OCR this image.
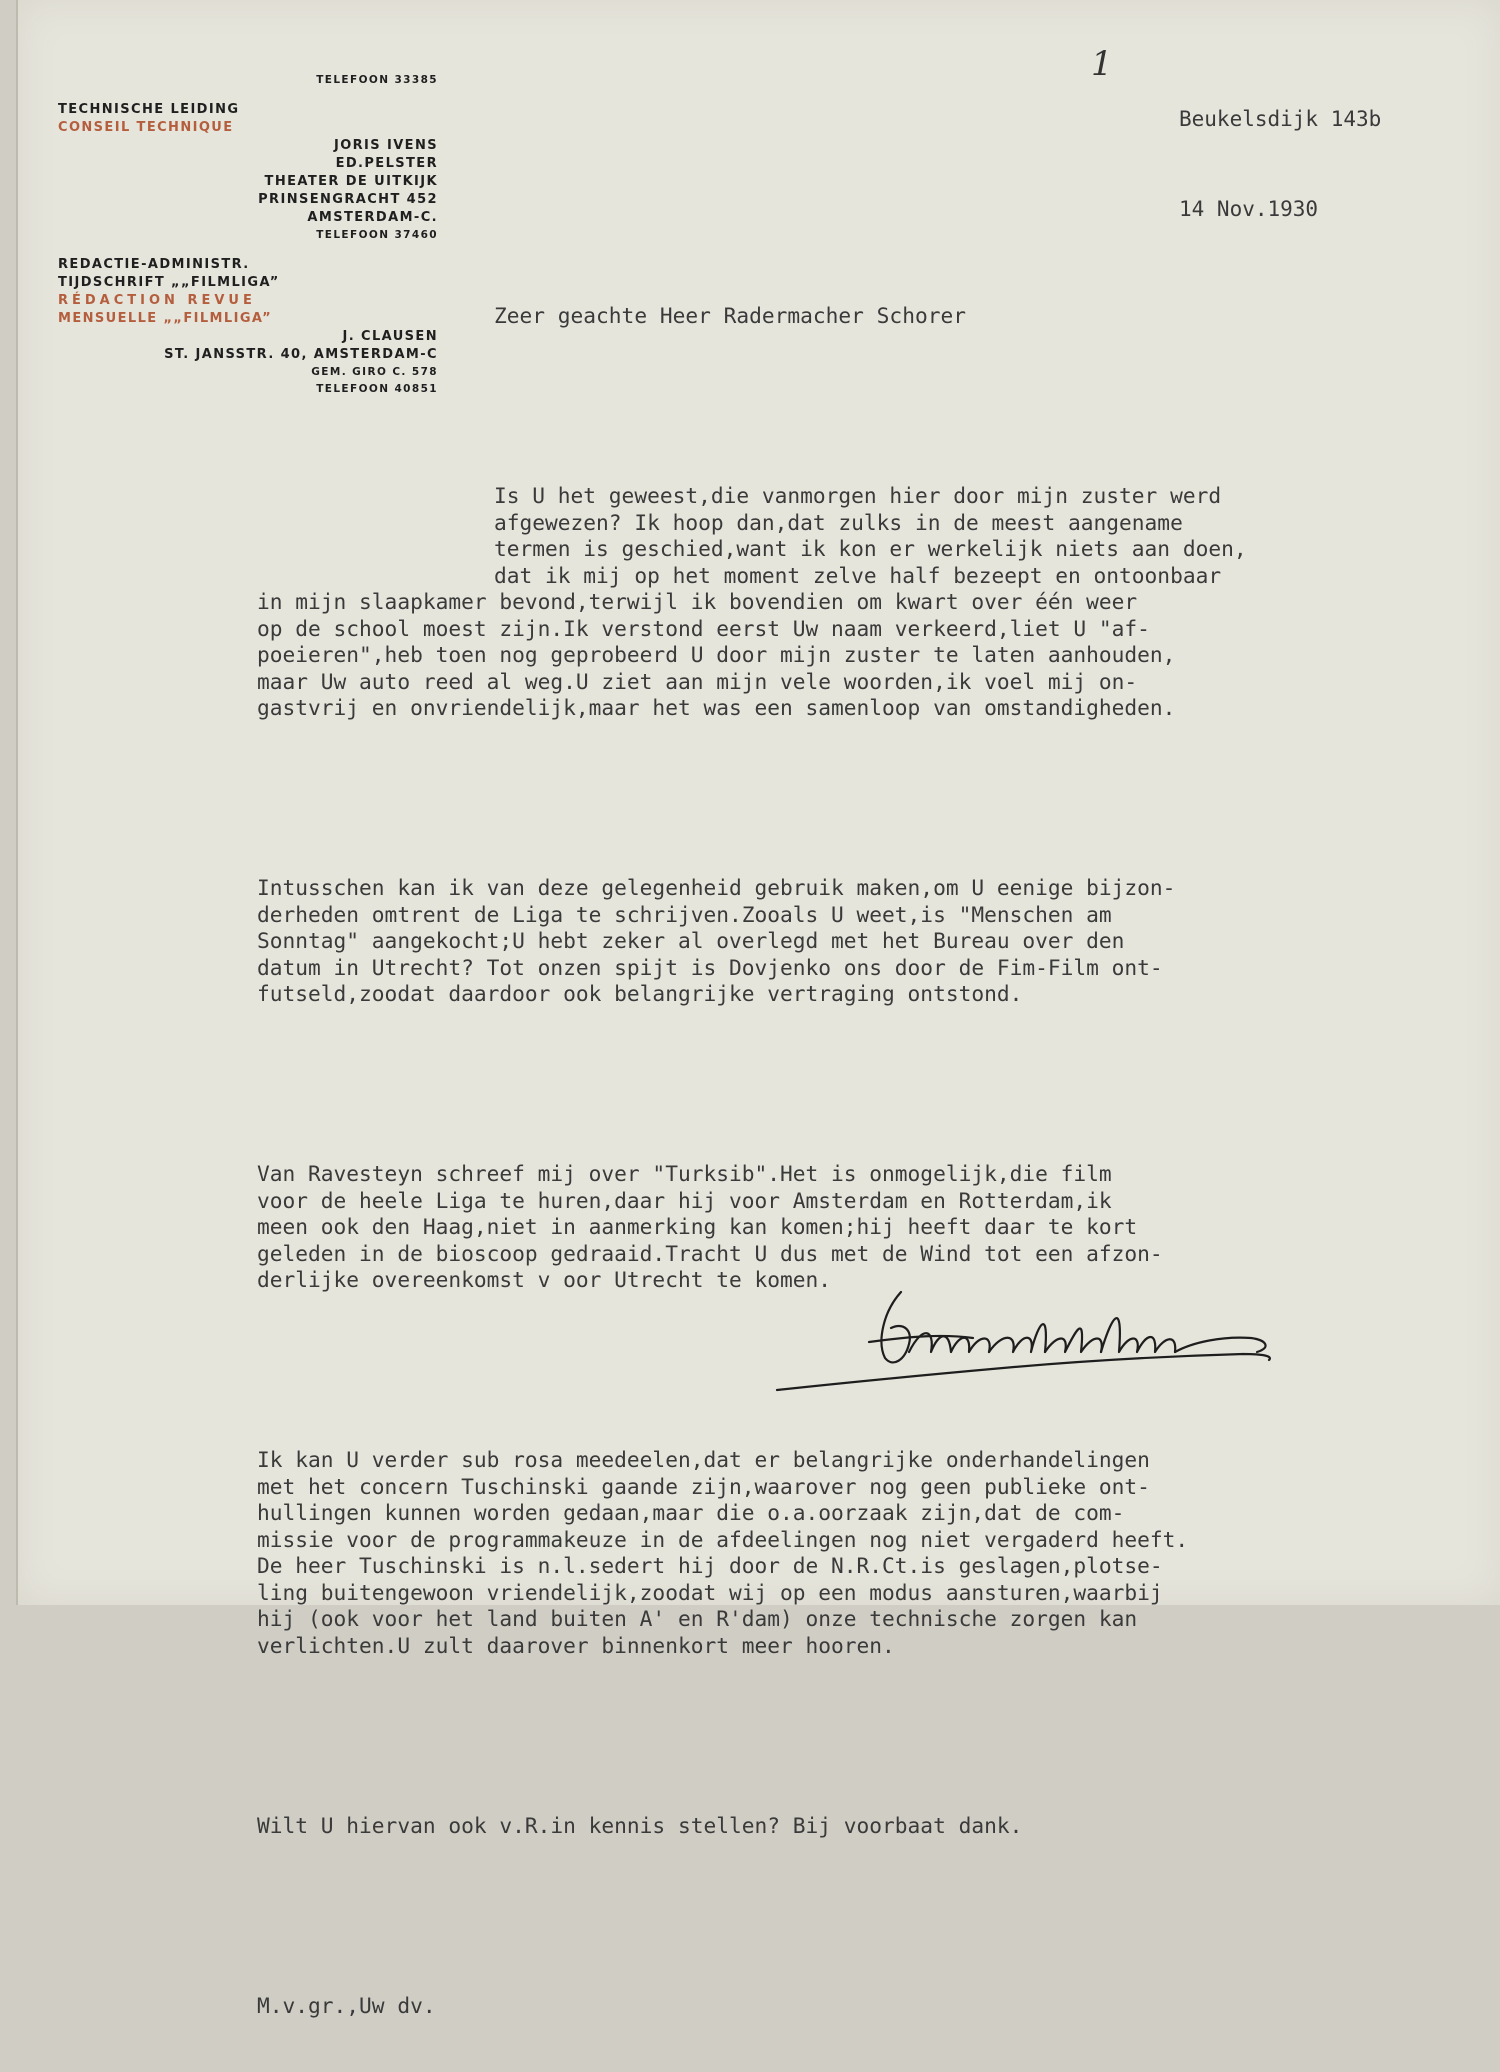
TELEFOON 33385
TECHNISCHE LEIDING
CONSEIL TECHNIQUE
JORIS IVENS
ED.PELSTER
THEATER DE UITKIJK
PRINSENGRACHT 452
AMSTERDAM-C.
TELEFOON 37460
REDACTIE-ADMINISTR.
TIJDSCHRIFT „„FILMLIGA”
RÉDACTION REVUE
MENSUELLE „„FILMLIGA”
J. CLAUSEN
ST. JANSSTR. 40, AMSTERDAM-C
GEM. GIRO C. 578
TELEFOON 40851
1

Beukelsdijk 143b

14 Nov.1930

Zeer geachte Heer Radermacher Schorer

Is U het geweest,die vanmorgen hier door mijn zuster werd
afgewezen? Ik hoop dan,dat zulks in de meest aangename
termen is geschied,want ik kon er werkelijk niets aan doen,
dat ik mij op het moment zelve half bezeept en ontoonbaar
in mijn slaapkamer bevond,terwijl ik bovendien om kwart over één weer
op de school moest zijn.Ik verstond eerst Uw naam verkeerd,liet U "af-
poeieren",heb toen nog geprobeerd U door mijn zuster te laten aanhouden,
maar Uw auto reed al weg.U ziet aan mijn vele woorden,ik voel mij on-
gastvrij en onvriendelijk,maar het was een samenloop van omstandigheden.

Intusschen kan ik van deze gelegenheid gebruik maken,om U eenige bijzon-
derheden omtrent de Liga te schrijven.Zooals U weet,is "Menschen am
Sonntag" aangekocht;U hebt zeker al overlegd met het Bureau over den
datum in Utrecht? Tot onzen spijt is Dovjenko ons door de Fim-Film ont-
futseld,zoodat daardoor ook belangrijke vertraging ontstond.

Van Ravesteyn schreef mij over "Turksib".Het is onmogelijk,die film
voor de heele Liga te huren,daar hij voor Amsterdam en Rotterdam,ik
meen ook den Haag,niet in aanmerking kan komen;hij heeft daar te kort
geleden in de bioscoop gedraaid.Tracht U dus met de Wind tot een afzon-
derlijke overeenkomst v oor Utrecht te komen.

Ik kan U verder sub rosa meedeelen,dat er belangrijke onderhandelingen
met het concern Tuschinski gaande zijn,waarover nog geen publieke ont-
hullingen kunnen worden gedaan,maar die o.a.oorzaak zijn,dat de com-
missie voor de programmakeuze in de afdeelingen nog niet vergaderd heeft.
De heer Tuschinski is n.l.sedert hij door de N.R.Ct.is geslagen,plotse-
ling buitengewoon vriendelijk,zoodat wij op een modus aansturen,waarbij
hij (ook voor het land buiten A' en R'dam) onze technische zorgen kan
verlichten.U zult daarover binnenkort meer hooren.

Wilt U hiervan ook v.R.in kennis stellen? Bij voorbaat dank.

M.v.gr.,Uw dv.
